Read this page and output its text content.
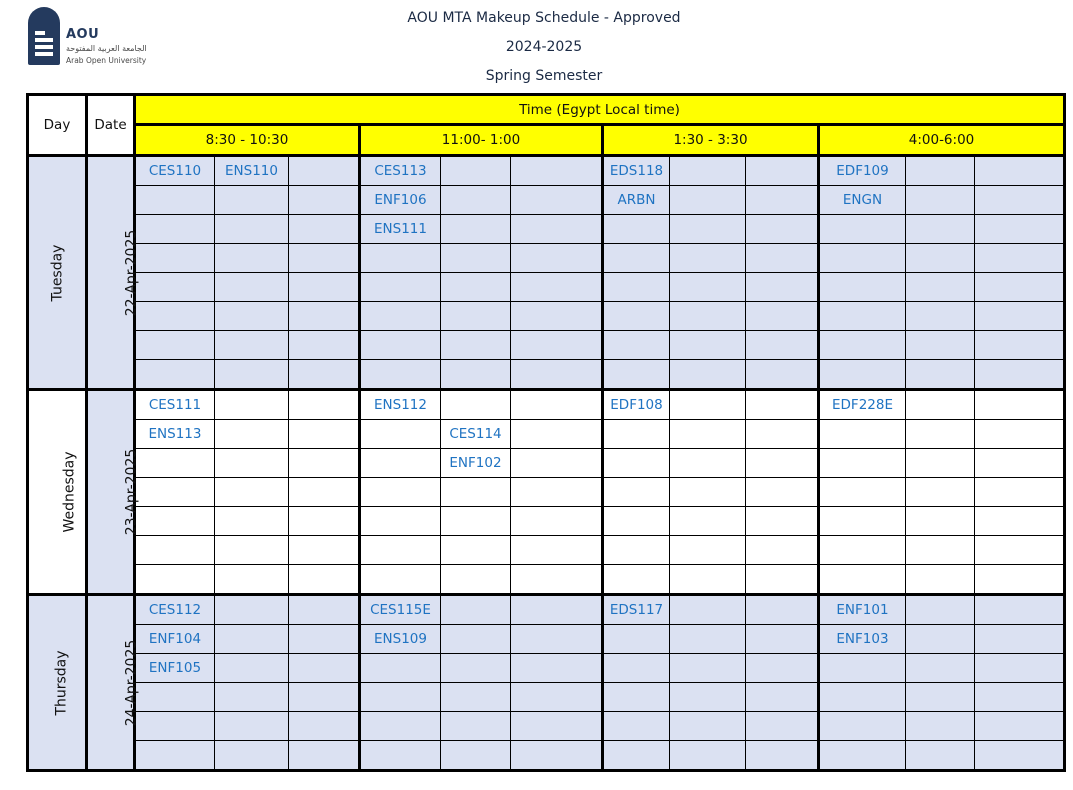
AOU
الجامعة العربية المفتوحة
Arab Open University
AOU MTA Makeup Schedule - Approved
2024-2025
Spring Semester
Day	Date	Time (Egypt Local time)											
		8:30 - 10:30			11:00- 1:00			1:30 - 3:30			4:00-6:00		
Tuesday	22-Apr-2025	CES110	ENS110		CES113			EDS118			EDF109		
					ENF106			ARBN			ENGN		
					ENS111								

Wednesday	23-Apr-2025	CES111			ENS112			EDF108			EDF228E		
		ENS113				CES114							
						ENF102							

Thursday	24-Apr-2025	CES112			CES115E			EDS117			ENF101		
		ENF104			ENS109						ENF103		
		ENF105											
